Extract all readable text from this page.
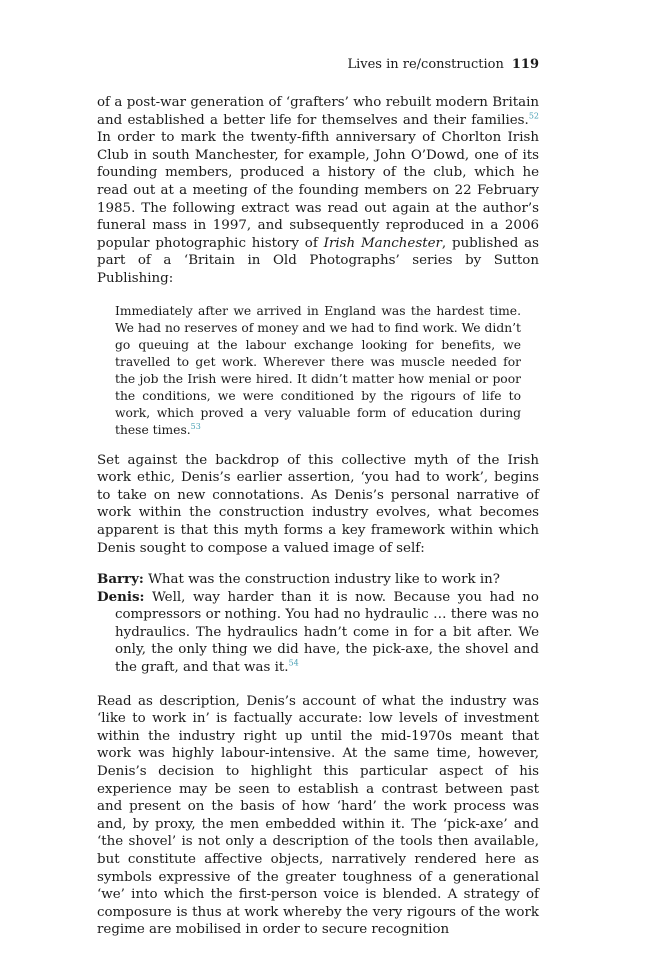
Lives in re/construction 119

of a post-war generation of ‘grafters’ who rebuilt modern Britain and established a better life for themselves and their families.$^{52}$ In order to mark the twenty-fifth anniversary of Chorlton Irish Club in south Manchester, for example, John O’Dowd, one of its founding members, produced a history of the club, which he read out at a meeting of the founding members on 22 February 1985. The following extract was read out again at the author’s funeral mass in 1997, and subsequently reproduced in a 2006 popular photographic history of Irish Manchester, published as part of a ‘Britain in Old Photographs’ series by Sutton Publishing:

Immediately after we arrived in England was the hardest time. We had no reserves of money and we had to find work. We didn’t go queuing at the labour exchange looking for benefits, we travelled to get work. Wherever there was muscle needed for the job the Irish were hired. It didn’t matter how menial or poor the conditions, we were conditioned by the rigours of life to work, which proved a very valuable form of education during these times.$^{53}$

Set against the backdrop of this collective myth of the Irish work ethic, Denis’s earlier assertion, ‘you had to work’, begins to take on new connotations. As Denis’s personal narrative of work within the construction industry evolves, what becomes apparent is that this myth forms a key framework within which Denis sought to compose a valued image of self:

Barry: What was the construction industry like to work in?
Denis: Well, way harder than it is now. Because you had no compressors or nothing. You had no hydraulic … there was no hydraulics. The hydraulics hadn’t come in for a bit after. We only, the only thing we did have, the pick-axe, the shovel and the graft, and that was it.$^{54}$

Read as description, Denis’s account of what the industry was ‘like to work in’ is factually accurate: low levels of investment within the industry right up until the mid-1970s meant that work was highly labour-intensive. At the same time, however, Denis’s decision to highlight this particular aspect of his experience may be seen to establish a contrast between past and present on the basis of how ‘hard’ the work process was and, by proxy, the men embedded within it. The ‘pick-axe’ and ‘the shovel’ is not only a description of the tools then available, but constitute affective objects, narratively rendered here as symbols expressive of the greater toughness of a generational ‘we’ into which the first-person voice is blended. A strategy of composure is thus at work whereby the very rigours of the work regime are mobilised in order to secure recognition
